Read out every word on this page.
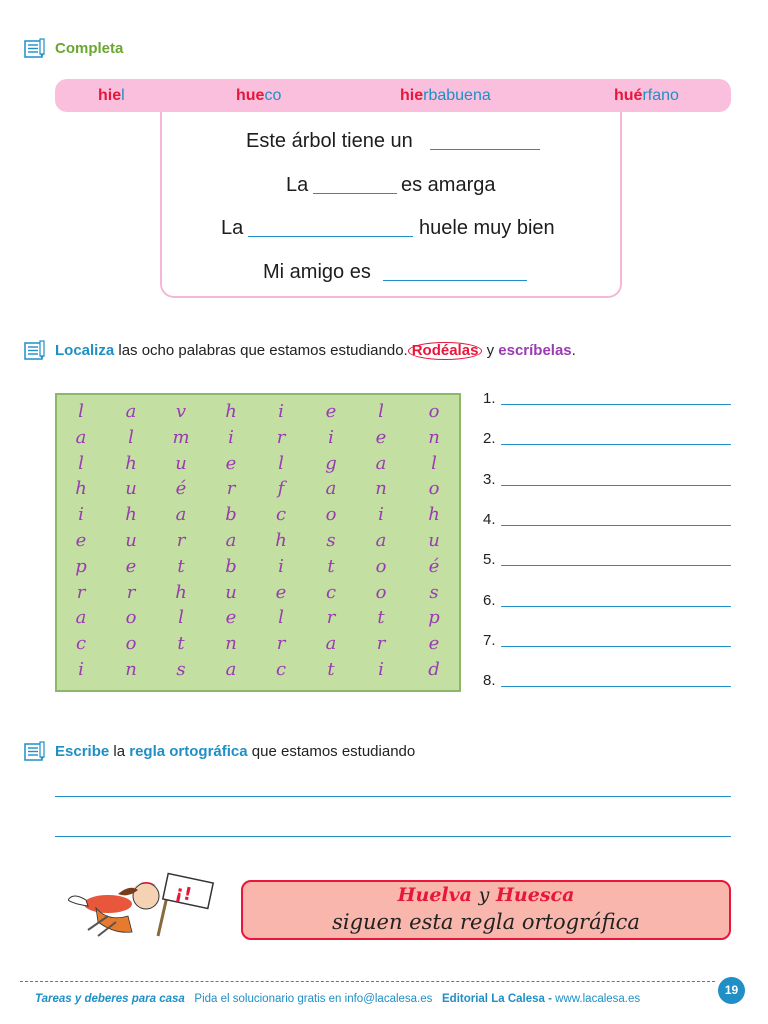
Completa
hiel	hueco	hierbabuena	huérfano
Este árbol tiene un
La	es amarga
La	huele muy bien
Mi amigo es
Localiza las ocho palabras que estamos estudiando. Rodéalas y escríbelas.
l	a v h	i	e	l	o
a	l	m	i	r	i	e n
l	h u e	l	g a	l
h u é	r	f	a n o
i	h a b c o	i	h
e u	r	a h s a u
p e	t	b	i	t	o é
r	r	h u e c o s
a o	l	e	l	r	t	p
c o	t	n	r	a	r	e
i	n s a c	t	i	d
1.
2.
3.
4.
5.
6.
7.
8.
Escribe la regla ortográfica que estamos estudiando
¡!	Huelva y Huesca
siguen esta regla ortográfica
Tareas y deberes para casa Pida el solucionario gratis en info@lacalesa.es Editorial La Calesa - www.lacalesa.es
19
